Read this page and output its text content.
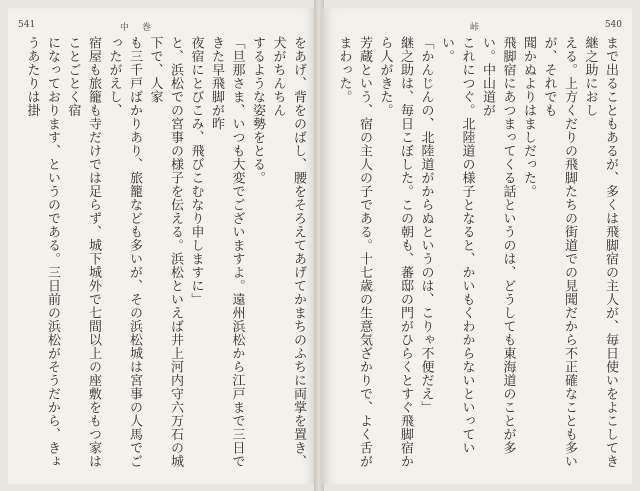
541	中　巻

をあげ、背をのばし、腰をそろえてあげてかまちのふちに両掌を置き、犬がちんちん

するような姿勢をとる。

「旦那さま、いつも大変でございますよ。遠州浜松から江戸まで三日できた早飛脚が昨

夜宿にとびこみ、飛びこむなり申しますに」

と、浜松での宮事の様子を伝える。浜松といえば井上河内守六万石の城下で、人家

も三千戸ばかりあり、旅籠なども多いが、その浜松城は宮事の人馬でごったがえし、

宿屋も旅籠も寺だけでは足らず、城下城外で七間以上の座敷をもつ家はことごとく宿

になっております、というのである。三日前の浜松がそうだから、きょうあたりは掛

峠	540

まで出ることもあるが、多くは飛脚宿の主人が、毎日使いをよこしてき継之助におし

える。上方くだりの飛脚たちの街道での見聞だから不正確なことも多いが、それでも

聞かぬよりはましだった。

飛脚宿にあつまってくる話というのは、どうしても東海道のことが多い。中山道が

これにつぐ。北陸道の様子となると、かいもくわからないといっていい。

「かんじんの、北陸道がからぬというのは、こりゃ不便だえ」

継之助は、毎日こぼした。この朝も、蕃邸の門がひらくとすぐ飛脚宿から人がきた。

芳蔵という、宿の主人の子である。十七歳の生意気ざかりで、よく舌がまわった。
